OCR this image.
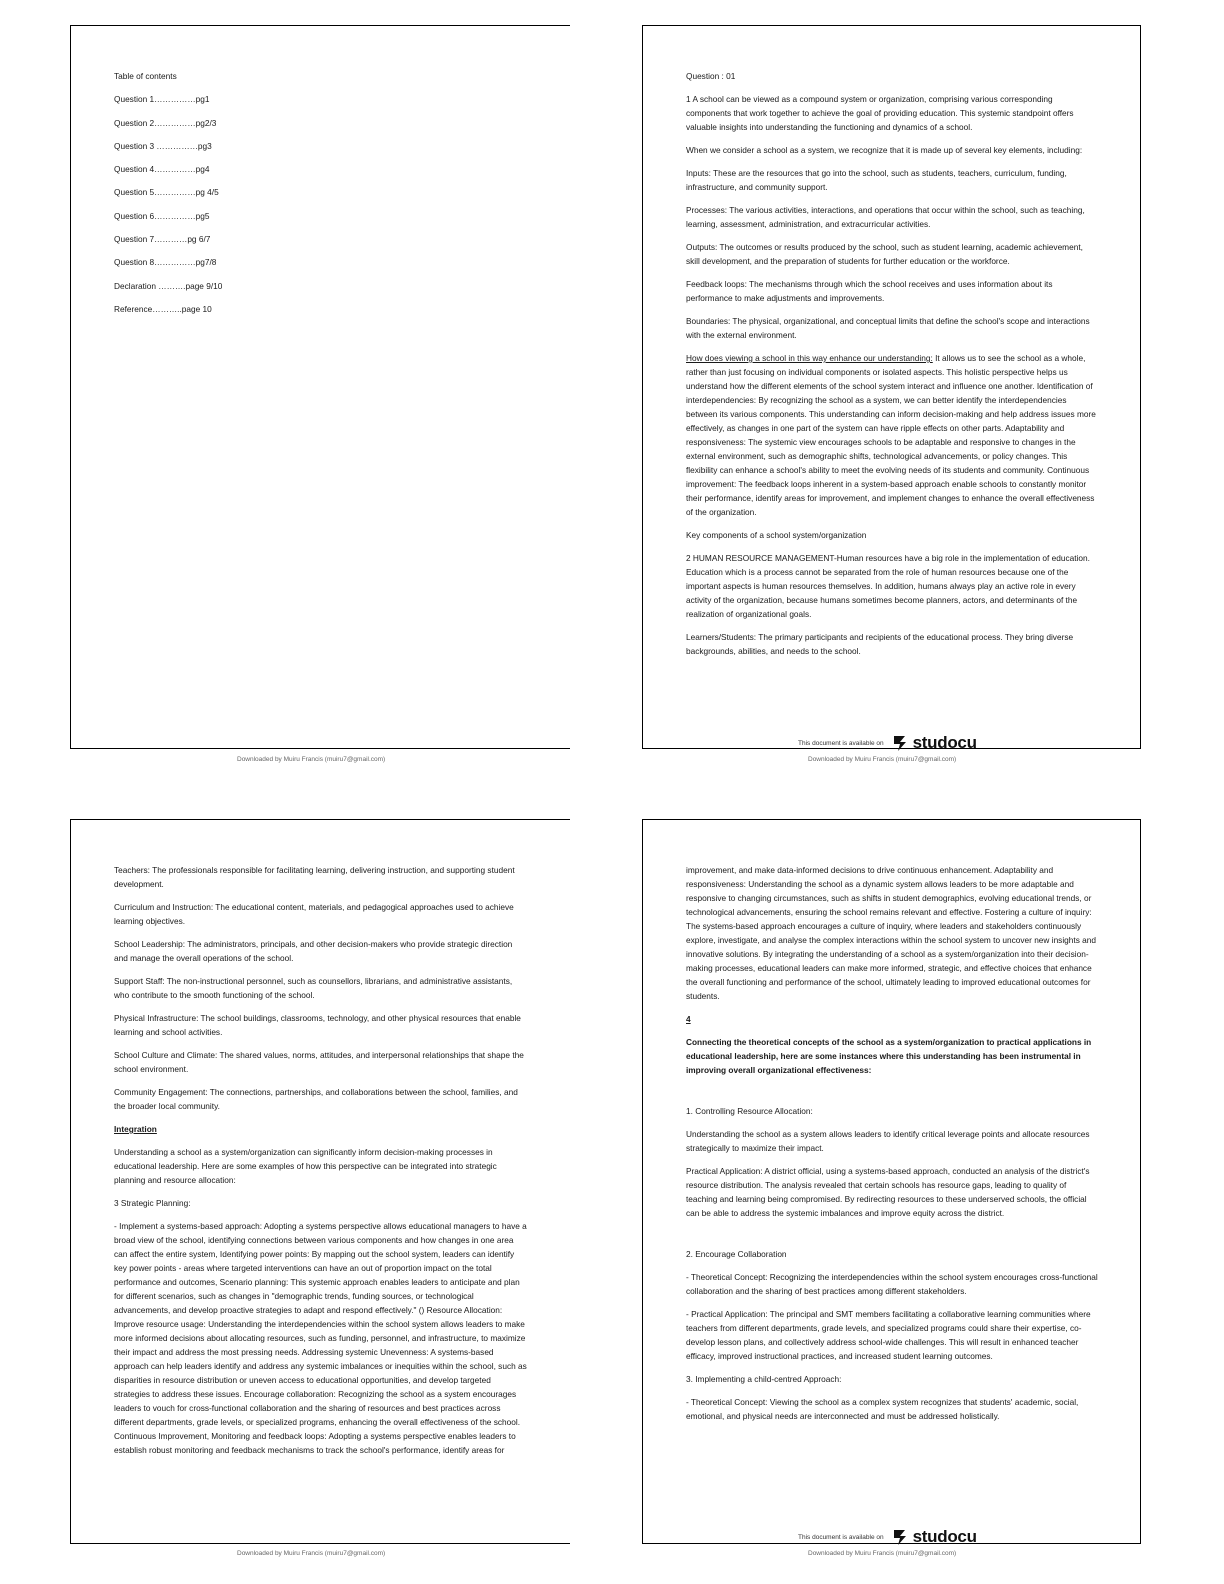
Table of contents
Question 1……………pg1
Question 2……………pg2/3
Question 3 ……………pg3
Question 4……………pg4
Question 5……………pg 4/5
Question 6……………pg5
Question 7…………pg 6/7
Question 8……………pg7/8
Declaration ……….page 9/10
Reference………..page 10
Downloaded by Muiru Francis (muiru7@gmail.com)

Question : 01

1 A school can be viewed as a compound system or organization, comprising various corresponding components that work together to achieve the goal of providing education. This systemic standpoint offers valuable insights into understanding the functioning and dynamics of a school.

When we consider a school as a system, we recognize that it is made up of several key elements, including:

Inputs: These are the resources that go into the school, such as students, teachers, curriculum, funding, infrastructure, and community support.

Processes: The various activities, interactions, and operations that occur within the school, such as teaching, learning, assessment, administration, and extracurricular activities.

Outputs: The outcomes or results produced by the school, such as student learning, academic achievement, skill development, and the preparation of students for further education or the workforce.

Feedback loops: The mechanisms through which the school receives and uses information about its performance to make adjustments and improvements.

Boundaries: The physical, organizational, and conceptual limits that define the school's scope and interactions with the external environment.

How does viewing a school in this way enhance our understanding: It allows us to see the school as a whole, rather than just focusing on individual components or isolated aspects. This holistic perspective helps us understand how the different elements of the school system interact and influence one another. Identification of interdependencies: By recognizing the school as a system, we can better identify the interdependencies between its various components. This understanding can inform decision-making and help address issues more effectively, as changes in one part of the system can have ripple effects on other parts. Adaptability and responsiveness: The systemic view encourages schools to be adaptable and responsive to changes in the external environment, such as demographic shifts, technological advancements, or policy changes. This flexibility can enhance a school's ability to meet the evolving needs of its students and community. Continuous improvement: The feedback loops inherent in a system-based approach enable schools to constantly monitor their performance, identify areas for improvement, and implement changes to enhance the overall effectiveness of the organization.

Key components of a school system/organization

2 HUMAN RESOURCE MANAGEMENT-Human resources have a big role in the implementation of education. Education which is a process cannot be separated from the role of human resources because one of the important aspects is human resources themselves. In addition, humans always play an active role in every activity of the organization, because humans sometimes become planners, actors, and determinants of the realization of organizational goals.

Learners/Students: The primary participants and recipients of the educational process. They bring diverse backgrounds, abilities, and needs to the school.

This document is available on studocu
Downloaded by Muiru Francis (muiru7@gmail.com)

Teachers: The professionals responsible for facilitating learning, delivering instruction, and supporting student development.

Curriculum and Instruction: The educational content, materials, and pedagogical approaches used to achieve learning objectives.

School Leadership: The administrators, principals, and other decision-makers who provide strategic direction and manage the overall operations of the school.

Support Staff: The non-instructional personnel, such as counsellors, librarians, and administrative assistants, who contribute to the smooth functioning of the school.

Physical Infrastructure: The school buildings, classrooms, technology, and other physical resources that enable learning and school activities.

School Culture and Climate: The shared values, norms, attitudes, and interpersonal relationships that shape the school environment.

Community Engagement: The connections, partnerships, and collaborations between the school, families, and the broader local community.

Integration

Understanding a school as a system/organization can significantly inform decision-making processes in educational leadership. Here are some examples of how this perspective can be integrated into strategic planning and resource allocation:

3 Strategic Planning:

- Implement a systems-based approach: Adopting a systems perspective allows educational managers to have a broad view of the school, identifying connections between various components and how changes in one area can affect the entire system, Identifying power points: By mapping out the school system, leaders can identify key power points - areas where targeted interventions can have an out of proportion impact on the total performance and outcomes, Scenario planning: This systemic approach enables leaders to anticipate and plan for different scenarios, such as changes in "demographic trends, funding sources, or technological advancements, and develop proactive strategies to adapt and respond effectively." () Resource Allocation: Improve resource usage: Understanding the interdependencies within the school system allows leaders to make more informed decisions about allocating resources, such as funding, personnel, and infrastructure, to maximize their impact and address the most pressing needs. Addressing systemic Unevenness: A systems-based approach can help leaders identify and address any systemic imbalances or inequities within the school, such as disparities in resource distribution or uneven access to educational opportunities, and develop targeted strategies to address these issues. Encourage collaboration: Recognizing the school as a system encourages leaders to vouch for cross-functional collaboration and the sharing of resources and best practices across different departments, grade levels, or specialized programs, enhancing the overall effectiveness of the school. Continuous Improvement, Monitoring and feedback loops: Adopting a systems perspective enables leaders to establish robust monitoring and feedback mechanisms to track the school's performance, identify areas for

Downloaded by Muiru Francis (muiru7@gmail.com)

improvement, and make data-informed decisions to drive continuous enhancement. Adaptability and responsiveness: Understanding the school as a dynamic system allows leaders to be more adaptable and responsive to changing circumstances, such as shifts in student demographics, evolving educational trends, or technological advancements, ensuring the school remains relevant and effective. Fostering a culture of inquiry: The systems-based approach encourages a culture of inquiry, where leaders and stakeholders continuously explore, investigate, and analyse the complex interactions within the school system to uncover new insights and innovative solutions. By integrating the understanding of a school as a system/organization into their decision-making processes, educational leaders can make more informed, strategic, and effective choices that enhance the overall functioning and performance of the school, ultimately leading to improved educational outcomes for students.

4

Connecting the theoretical concepts of the school as a system/organization to practical applications in educational leadership, here are some instances where this understanding has been instrumental in improving overall organizational effectiveness:

1. Controlling Resource Allocation:

Understanding the school as a system allows leaders to identify critical leverage points and allocate resources strategically to maximize their impact.

Practical Application: A district official, using a systems-based approach, conducted an analysis of the district's resource distribution. The analysis revealed that certain schools has resource gaps, leading to quality of teaching and learning being compromised. By redirecting resources to these underserved schools, the official can be able to address the systemic imbalances and improve equity across the district.

2. Encourage Collaboration

- Theoretical Concept: Recognizing the interdependencies within the school system encourages cross-functional collaboration and the sharing of best practices among different stakeholders.

- Practical Application: The principal and SMT members facilitating a collaborative learning communities where teachers from different departments, grade levels, and specialized programs could share their expertise, co-develop lesson plans, and collectively address school-wide challenges. This will result in enhanced teacher efficacy, improved instructional practices, and increased student learning outcomes.

3. Implementing a child-centred Approach:

- Theoretical Concept: Viewing the school as a complex system recognizes that students' academic, social, emotional, and physical needs are interconnected and must be addressed holistically.

This document is available on studocu
Downloaded by Muiru Francis (muiru7@gmail.com)
